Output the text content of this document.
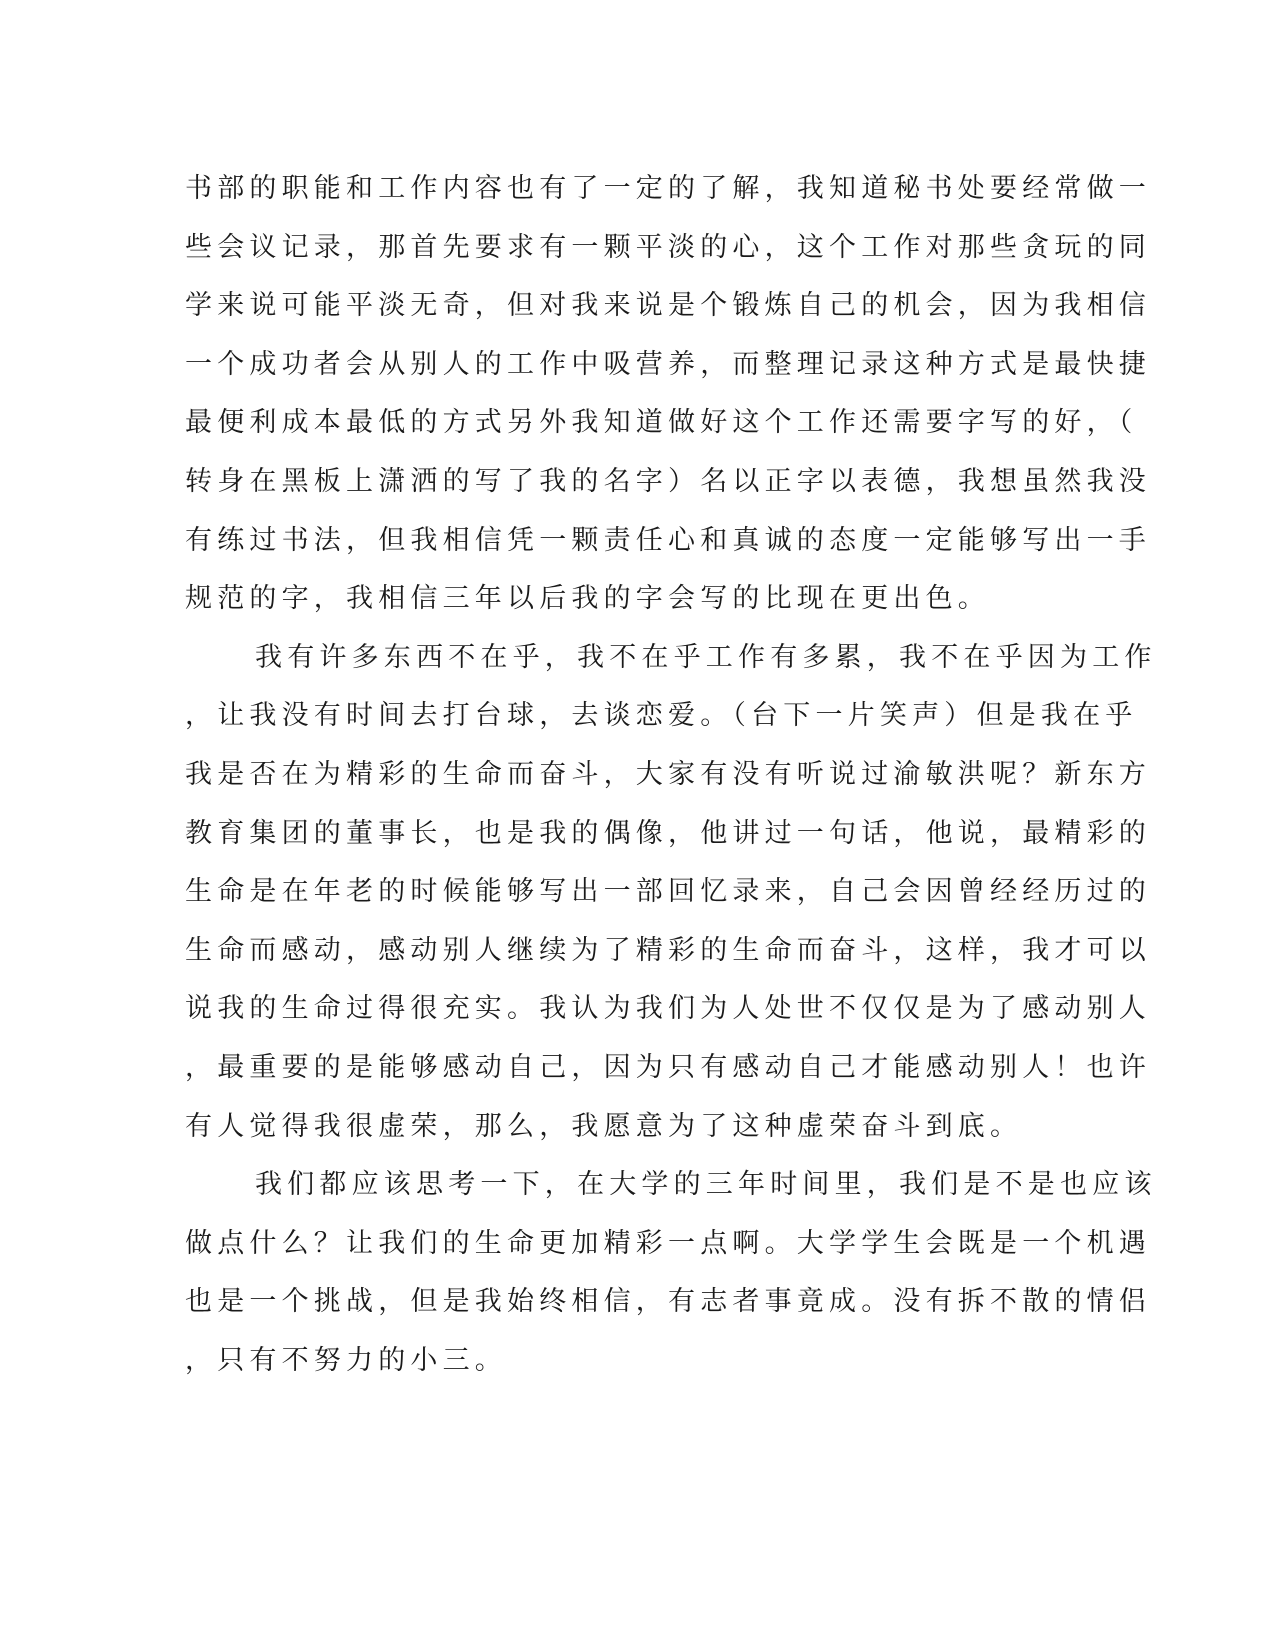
书部的职能和工作内容也有了一定的了解，我知道秘书处要经常做一
些会议记录，那首先要求有一颗平淡的心，这个工作对那些贪玩的同
学来说可能平淡无奇，但对我来说是个锻炼自己的机会，因为我相信
一个成功者会从别人的工作中吸营养，而整理记录这种方式是最快捷
最便利成本最低的方式另外我知道做好这个工作还需要字写的好，（
转身在黑板上潇洒的写了我的名字）名以正字以表德，我想虽然我没
有练过书法，但我相信凭一颗责任心和真诚的态度一定能够写出一手
规范的字，我相信三年以后我的字会写的比现在更出色。
我有许多东西不在乎，我不在乎工作有多累，我不在乎因为工作
，让我没有时间去打台球，去谈恋爱。（台下一片笑声）但是我在乎
我是否在为精彩的生命而奋斗，大家有没有听说过渝敏洪呢？新东方
教育集团的董事长，也是我的偶像，他讲过一句话，他说，最精彩的
生命是在年老的时候能够写出一部回忆录来，自己会因曾经经历过的
生命而感动，感动别人继续为了精彩的生命而奋斗，这样，我才可以
说我的生命过得很充实。我认为我们为人处世不仅仅是为了感动别人
，最重要的是能够感动自己，因为只有感动自己才能感动别人！也许
有人觉得我很虚荣，那么，我愿意为了这种虚荣奋斗到底。
我们都应该思考一下，在大学的三年时间里，我们是不是也应该
做点什么？让我们的生命更加精彩一点啊。大学学生会既是一个机遇
也是一个挑战，但是我始终相信，有志者事竟成。没有拆不散的情侣
，只有不努力的小三。
